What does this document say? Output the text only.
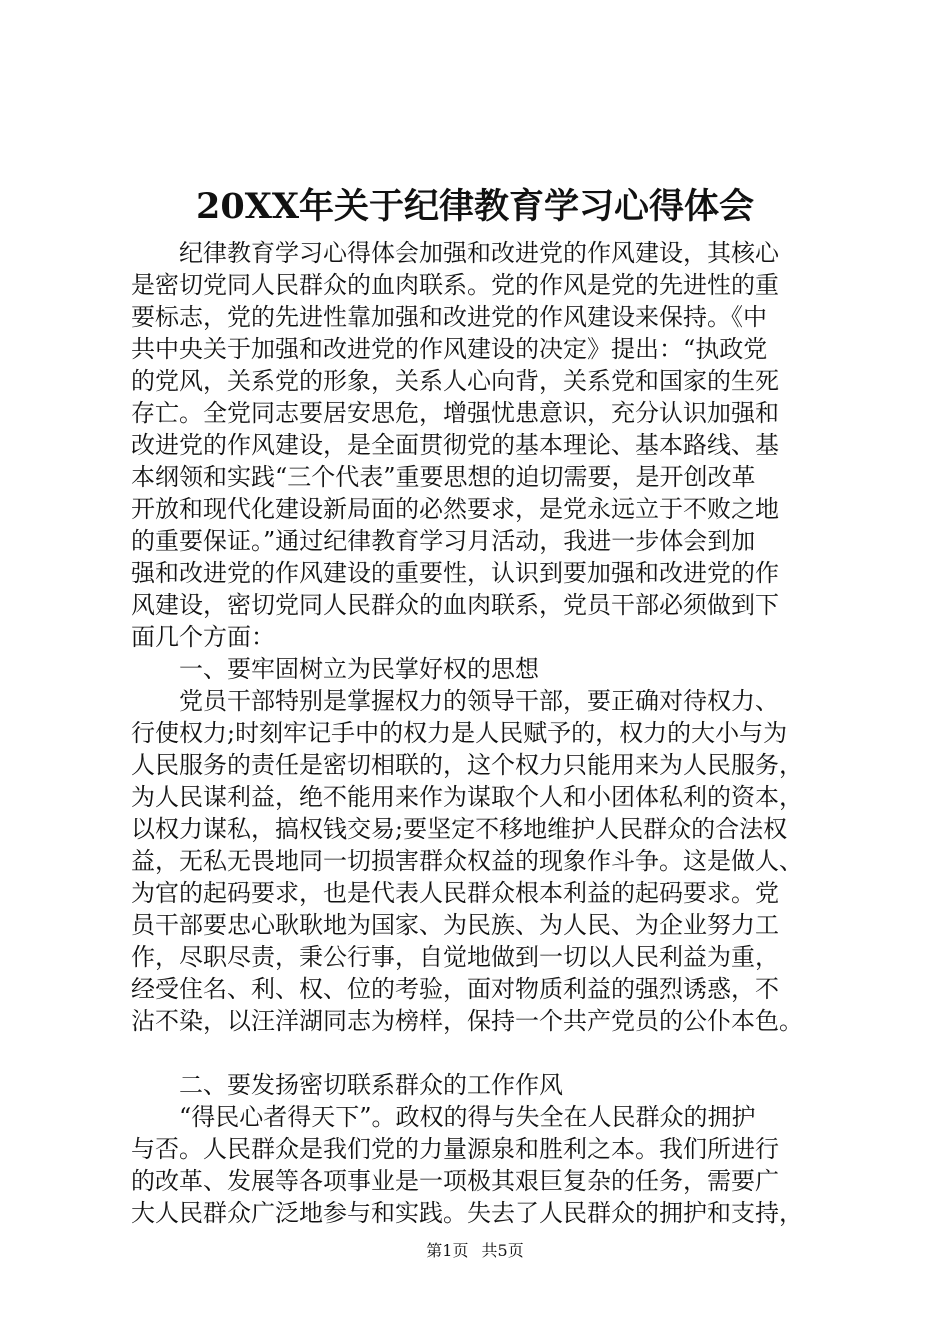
20XX年关于纪律教育学习心得体会
　　纪律教育学习心得体会加强和改进党的作风建设，其核心
是密切党同人民群众的血肉联系。党的作风是党的先进性的重
要标志，党的先进性靠加强和改进党的作风建设来保持。《中
共中央关于加强和改进党的作风建设的决定》提出：“执政党
的党风，关系党的形象，关系人心向背，关系党和国家的生死
存亡。全党同志要居安思危，增强忧患意识，充分认识加强和
改进党的作风建设，是全面贯彻党的基本理论、基本路线、基
本纲领和实践“三个代表”重要思想的迫切需要，是开创改革
开放和现代化建设新局面的必然要求，是党永远立于不败之地
的重要保证。”通过纪律教育学习月活动，我进一步体会到加
强和改进党的作风建设的重要性，认识到要加强和改进党的作
风建设，密切党同人民群众的血肉联系，党员干部必须做到下
面几个方面：
　　一、要牢固树立为民掌好权的思想
　　党员干部特别是掌握权力的领导干部，要正确对待权力、
行使权力;时刻牢记手中的权力是人民赋予的，权力的大小与为
人民服务的责任是密切相联的，这个权力只能用来为人民服务，
为人民谋利益，绝不能用来作为谋取个人和小团体私利的资本，
以权力谋私，搞权钱交易;要坚定不移地维护人民群众的合法权
益，无私无畏地同一切损害群众权益的现象作斗争。这是做人、
为官的起码要求，也是代表人民群众根本利益的起码要求。党
员干部要忠心耿耿地为国家、为民族、为人民、为企业努力工
作，尽职尽责，秉公行事，自觉地做到一切以人民利益为重，
经受住名、利、权、位的考验，面对物质利益的强烈诱惑，不
沾不染，以汪洋湖同志为榜样，保持一个共产党员的公仆本色。
　　二、要发扬密切联系群众的工作作风
　　“得民心者得天下”。政权的得与失全在人民群众的拥护
与否。人民群众是我们党的力量源泉和胜利之本。我们所进行
的改革、发展等各项事业是一项极其艰巨复杂的任务，需要广
大人民群众广泛地参与和实践。失去了人民群众的拥护和支持，
第1页 共5页
